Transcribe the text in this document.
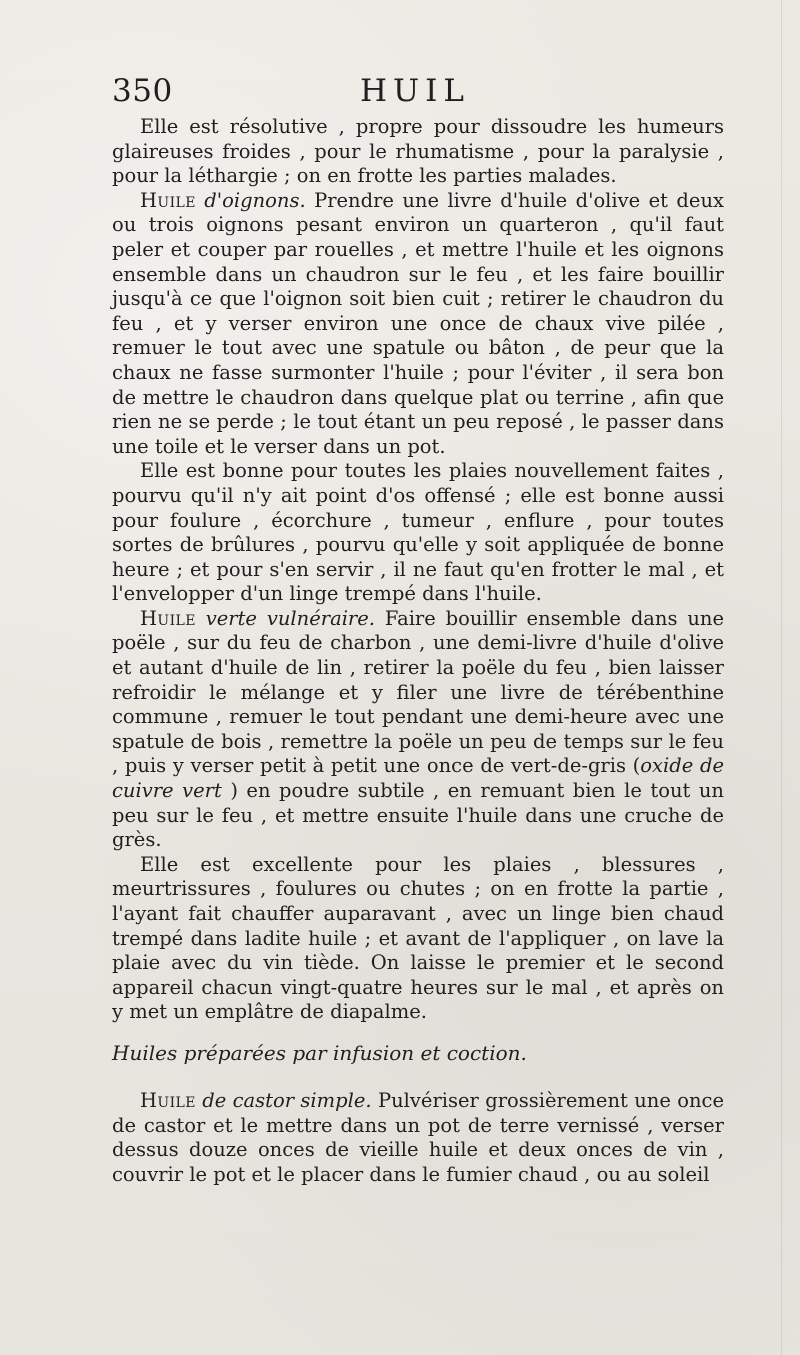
350	HUIL

Elle est résolutive , propre pour dissoudre les humeurs glaireuses froides , pour le rhumatisme , pour la paralysie , pour la léthargie ; on en frotte les parties malades.

Huile d'oignons. Prendre une livre d'huile d'olive et deux ou trois oignons pesant environ un quarteron , qu'il faut peler et couper par rouelles , et mettre l'huile et les oignons ensemble dans un chaudron sur le feu , et les faire bouillir jusqu'à ce que l'oignon soit bien cuit ; retirer le chaudron du feu , et y verser environ une once de chaux vive pilée , remuer le tout avec une spatule ou bâton , de peur que la chaux ne fasse surmonter l'huile ; pour l'éviter , il sera bon de mettre le chaudron dans quelque plat ou terrine , afin que rien ne se perde ; le tout étant un peu reposé , le passer dans une toile et le verser dans un pot.

Elle est bonne pour toutes les plaies nouvellement faites , pourvu qu'il n'y ait point d'os offensé ; elle est bonne aussi pour foulure , écorchure , tumeur , enflure , pour toutes sortes de brûlures , pourvu qu'elle y soit appliquée de bonne heure ; et pour s'en servir , il ne faut qu'en frotter le mal , et l'envelopper d'un linge trempé dans l'huile.

Huile verte vulnéraire. Faire bouillir ensemble dans une poële , sur du feu de charbon , une demi-livre d'huile d'olive et autant d'huile de lin , retirer la poële du feu , bien laisser refroidir le mélange et y filer une livre de térébenthine commune , remuer le tout pendant une demi-heure avec une spatule de bois , remettre la poële un peu de temps sur le feu , puis y verser petit à petit une once de vert-de-gris (oxide de cuivre vert ) en poudre subtile , en remuant bien le tout un peu sur le feu , et mettre ensuite l'huile dans une cruche de grès.

Elle est excellente pour les plaies , blessures , meurtrissures , foulures ou chutes ; on en frotte la partie , l'ayant fait chauffer auparavant , avec un linge bien chaud trempé dans ladite huile ; et avant de l'appliquer , on lave la plaie avec du vin tiède. On laisse le premier et le second appareil chacun vingt-quatre heures sur le mal , et après on y met un emplâtre de diapalme.

Huiles préparées par infusion et coction.

Huile de castor simple. Pulvériser grossièrement une once de castor et le mettre dans un pot de terre vernissé , verser dessus douze onces de vieille huile et deux onces de vin , couvrir le pot et le placer dans le fumier chaud , ou au soleil
